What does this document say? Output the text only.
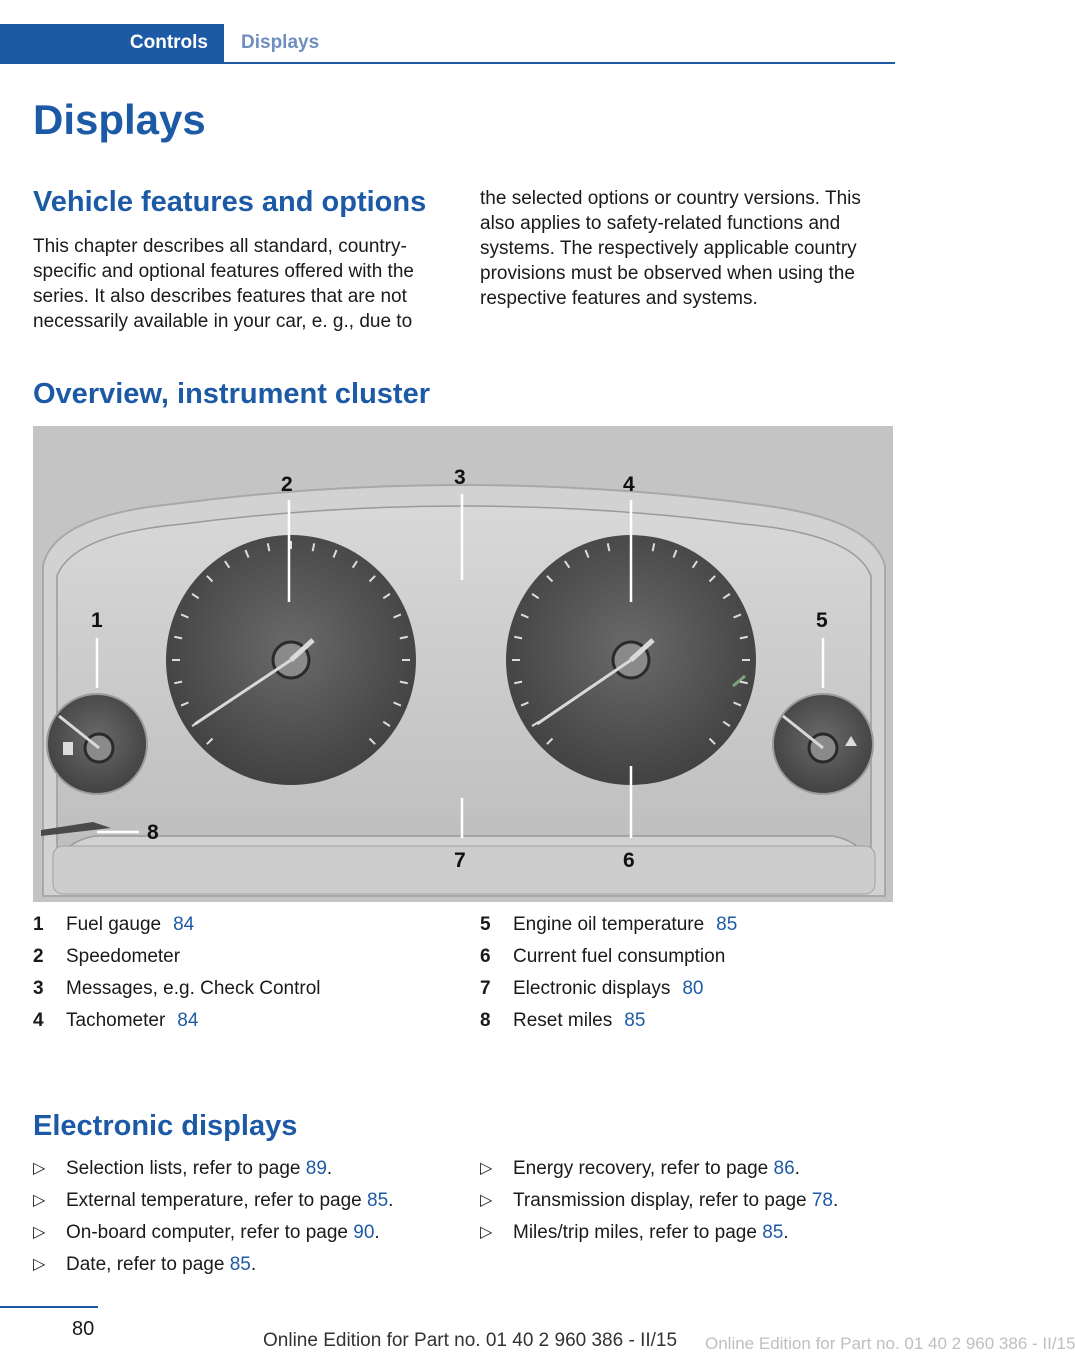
Controls	Displays
Displays
Vehicle features and options
This chapter describes all standard, country-
specific and optional features offered with the
series. It also describes features that are not
necessarily available in your car, e. g., due to
the selected options or country versions. This
also applies to safety-related functions and
systems. The respectively applicable country
provisions must be observed when using the
respective features and systems.
Overview, instrument cluster
1
2	3	4
5
6
7
8
1 Fuel gauge 84
2 Speedometer
3 Messages, e.g. Check Control
4 Tachometer 84
5 Engine oil temperature 85
6 Current fuel consumption
7 Electronic displays 80
8 Reset miles 85
Electronic displays
▷ Selection lists, refer to page 89.
▷ External temperature, refer to page 85.
▷ On-board computer, refer to page 90.
▷ Date, refer to page 85.
▷ Energy recovery, refer to page 86.
▷ Transmission display, refer to page 78.
▷ Miles/trip miles, refer to page 85.
80
Online Edition for Part no. 01 40 2 960 386 - II/15 Online Edition for Part no. 01 40 2 960 386 - II/15
